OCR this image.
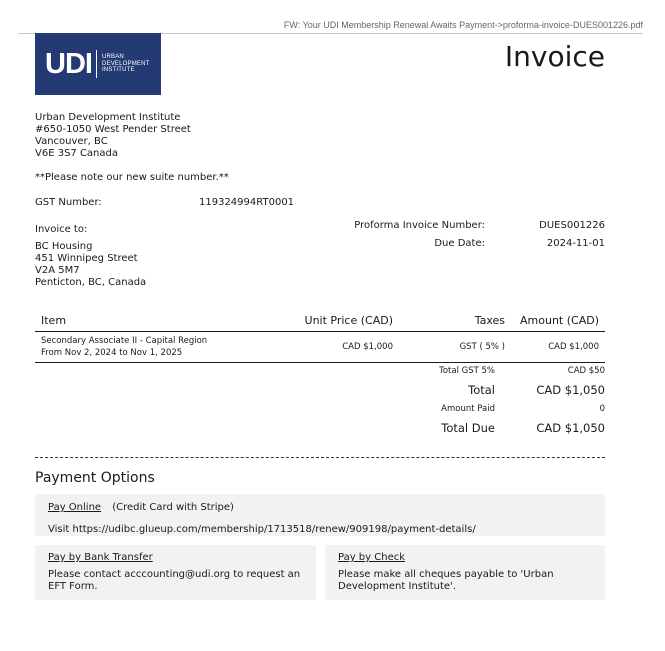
FW: Your UDI Membership Renewal Awaits Payment->proforma-invoice-DUES001226.pdf
UDI URBAN
DEVELOPMENT
INSTITUTE	Invoice
Urban Development Institute
#650-1050 West Pender Street
Vancouver, BC
V6E 3S7 Canada
**Please note our new suite number.**
GST Number:	119324994RT0001
Invoice to:
BC Housing
451 Winnipeg Street
V2A 5M7
Penticton, BC, Canada
Proforma Invoice Number:	DUES001226
Due Date:	2024-11-01
Item	Unit Price (CAD)	Taxes	Amount (CAD)

Secondary Associate II - Capital Region
From Nov 2, 2024 to Nov 1, 2025	CAD $1,000	GST ( 5% )	CAD $1,000
Total GST 5%	CAD $50
Total	CAD $1,050
Amount Paid	0
Total Due	CAD $1,050
Payment Options
Pay Online (Credit Card with Stripe)
Visit https://udibc.glueup.com/membership/1713518/renew/909198/payment-details/
Pay by Bank Transfer
Please contact acccounting@udi.org to request an EFT Form.
Pay by Check
Please make all cheques payable to 'Urban Development Institute'.
